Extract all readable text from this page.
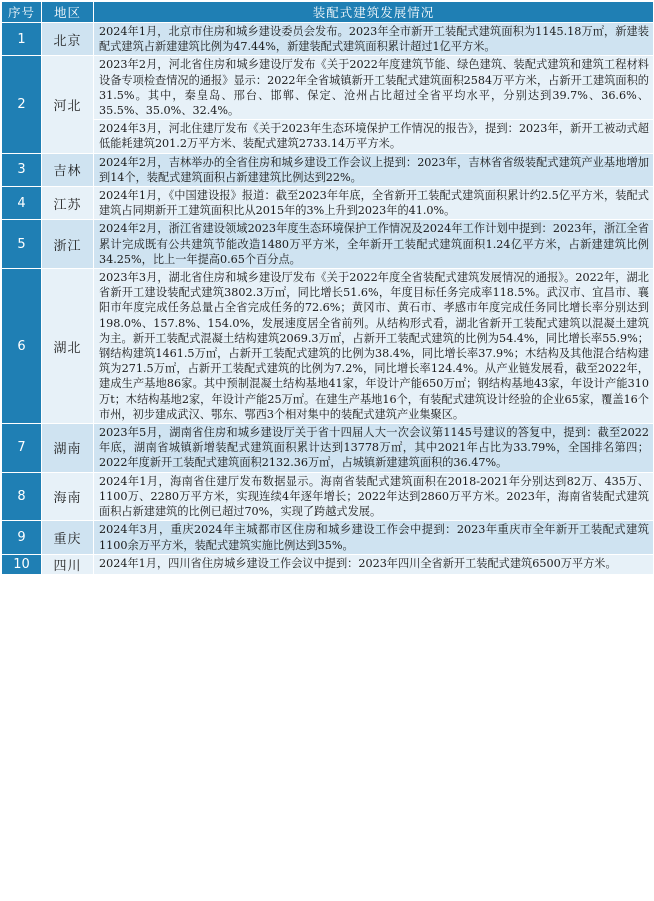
序号	地区	装配式建筑发展情况
1	北京	2024年1月，北京市住房和城乡建设委员会发布。2023年全市新开工装配式建筑面积为1145.18万㎡，新建装配式建筑占新建建筑比例为47.44%，新建装配式建筑面积累计超过1亿平方米。

2	河北	2023年2月，河北省住房和城乡建设厅发布《关于2022年度建筑节能、绿色建筑、装配式建筑和建筑工程材料设备专项检查情况的通报》显示：2022年全省城镇新开工装配式建筑面积2584万平方米，占新开工建筑面积的31.5%。其中，秦皇岛、邢台、邯郸、保定、沧州占比超过全省平均水平，分别达到39.7%、36.6%、35.5%、35.0%、32.4%。
2024年3月，河北住建厅发布《关于2023年生态环境保护工作情况的报告》，提到：2023年，新开工被动式超低能耗建筑201.2万平方米、装配式建筑2733.14万平方米。

3	吉林	2024年2月，吉林举办的全省住房和城乡建设工作会议上提到：2023年，吉林省省级装配式建筑产业基地增加到14个，装配式建筑面积占新建建筑比例达到22%。

4	江苏	2024年1月，《中国建设报》报道：截至2023年年底，全省新开工装配式建筑面积累计约2.5亿平方米，装配式建筑占同期新开工建筑面积比从2015年的3%上升到2023年的41.0%。

5	浙江	2024年2月，浙江省建设领域2023年度生态环境保护工作情况及2024年工作计划中提到：2023年，浙江全省累计完成既有公共建筑节能改造1480万平方米，全年新开工装配式建筑面积1.24亿平方米，占新建建筑比例34.25%，比上一年提高0.65个百分点。

6	湖北	2023年3月，湖北省住房和城乡建设厅发布《关于2022年度全省装配式建筑发展情况的通报》。2022年，湖北省新开工建设装配式建筑3802.3万㎡，同比增长51.6%，年度目标任务完成率118.5%。武汉市、宜昌市、襄阳市年度完成任务总量占全省完成任务的72.6%；黄冈市、黄石市、孝感市年度完成任务同比增长率分别达到198.0%、157.8%、154.0%，发展速度居全省前列。从结构形式看，湖北省新开工装配式建筑以混凝土建筑为主。新开工装配式混凝土结构建筑2069.3万㎡，占新开工装配式建筑的比例为54.4%，同比增长率55.9%；钢结构建筑1461.5万㎡，占新开工装配式建筑的比例为38.4%，同比增长率37.9%；木结构及其他混合结构建筑为271.5万㎡，占新开工装配式建筑的比例为7.2%，同比增长率124.4%。从产业链发展看，截至2022年，建成生产基地86家。其中预制混凝土结构基地41家，年设计产能650万㎡；钢结构基地43家，年设计产能310万t；木结构基地2家，年设计产能25万㎡。在建生产基地16个，有装配式建筑设计经验的企业65家，覆盖16个市州，初步建成武汉、鄂东、鄂西3个相对集中的装配式建筑产业集聚区。

7	湖南	2023年5月，湖南省住房和城乡建设厅关于省十四届人大一次会议第1145号建议的答复中，提到：截至2022年底，湖南省城镇新增装配式建筑面积累计达到13778万㎡，其中2021年占比为33.79%，全国排名第四；2022年度新开工装配式建筑面积2132.36万㎡，占城镇新建建筑面积的36.47%。

8	海南	2024年1月，海南省住建厅发布数据显示。海南省装配式建筑面积在2018-2021年分别达到82万、435万、1100万、2280万平方米，实现连续4年逐年增长；2022年达到2860万平方米。2023年，海南省装配式建筑面积占新建建筑的比例已超过70%，实现了跨越式发展。

9	重庆	2024年3月，重庆2024年主城都市区住房和城乡建设工作会中提到：2023年重庆市全年新开工装配式建筑1100余万平方米，装配式建筑实施比例达到35%。

10	四川	2024年1月，四川省住房城乡建设工作会议中提到：2023年四川全省新开工装配式建筑6500万平方米。
